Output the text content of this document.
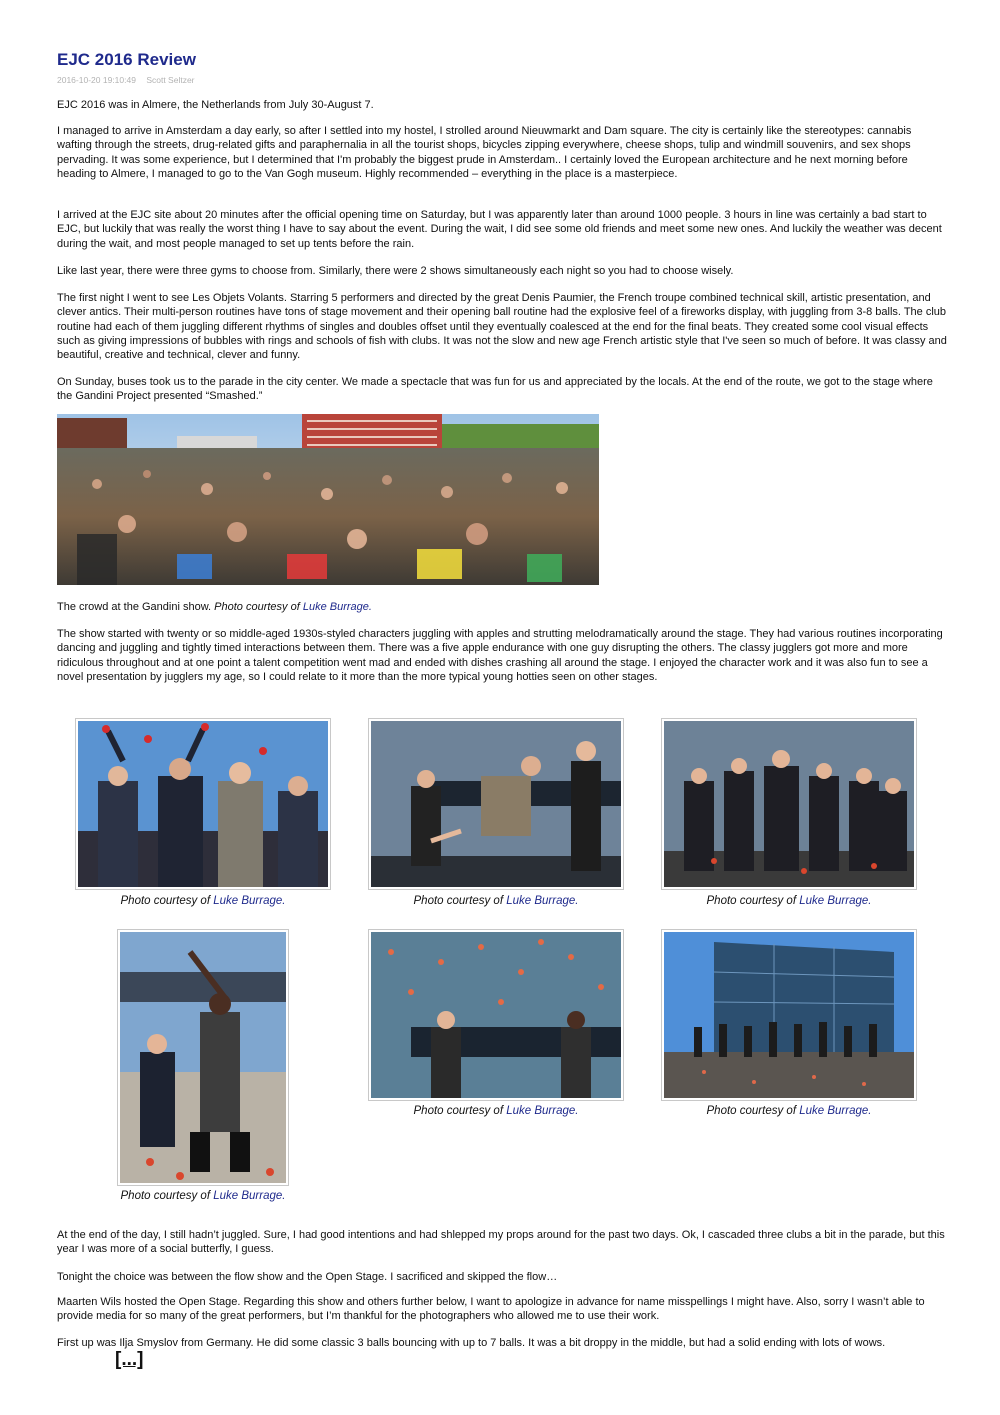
EJC 2016 Review
2016-10-20 19:10:49 Scott Seltzer

EJC 2016 was in Almere, the Netherlands from July 30-August 7.

I managed to arrive in Amsterdam a day early, so after I settled into my hostel, I strolled around Nieuwmarkt and Dam square. The city is certainly like the stereotypes: cannabis wafting through the streets, drug-related gifts and paraphernalia in all the tourist shops, bicycles zipping everywhere, cheese shops, tulip and windmill souvenirs, and sex shops pervading. It was some experience, but I determined that I'm probably the biggest prude in Amsterdam.. I certainly loved the European architecture and he next morning before heading to Almere, I managed to go to the Van Gogh museum. Highly recommended – everything in the place is a masterpiece.

I arrived at the EJC site about 20 minutes after the official opening time on Saturday, but I was apparently later than around 1000 people. 3 hours in line was certainly a bad start to EJC, but luckily that was really the worst thing I have to say about the event. During the wait, I did see some old friends and meet some new ones. And luckily the weather was decent during the wait, and most people managed to set up tents before the rain.

Like last year, there were three gyms to choose from. Similarly, there were 2 shows simultaneously each night so you had to choose wisely.

The first night I went to see Les Objets Volants. Starring 5 performers and directed by the great Denis Paumier, the French troupe combined technical skill, artistic presentation, and clever antics. Their multi-person routines have tons of stage movement and their opening ball routine had the explosive feel of a fireworks display, with juggling from 3-8 balls. The club routine had each of them juggling different rhythms of singles and doubles offset until they eventually coalesced at the end for the final beats. They created some cool visual effects such as giving impressions of bubbles with rings and schools of fish with clubs. It was not the slow and new age French artistic style that I've seen so much of before. It was classy and beautiful, creative and technical, clever and funny.

On Sunday, buses took us to the parade in the city center. We made a spectacle that was fun for us and appreciated by the locals. At the end of the route, we got to the stage where the Gandini Project presented “Smashed.”

The crowd at the Gandini show. Photo courtesy of Luke Burrage.

The show started with twenty or so middle-aged 1930s-styled characters juggling with apples and strutting melodramatically around the stage. They had various routines incorporating dancing and juggling and tightly timed interactions between them. There was a five apple endurance with one guy disrupting the others. The classy jugglers got more and more ridiculous throughout and at one point a talent competition went mad and ended with dishes crashing all around the stage. I enjoyed the character work and it was also fun to see a novel presentation by jugglers my age, so I could relate to it more than the more typical young hotties seen on other stages.

Photo courtesy of Luke Burrage.	Photo courtesy of Luke Burrage.	Photo courtesy of Luke Burrage.
Photo courtesy of Luke Burrage.
Photo courtesy of Luke Burrage.	Photo courtesy of Luke Burrage.

At the end of the day, I still hadn’t juggled. Sure, I had good intentions and had shlepped my props around for the past two days. Ok, I cascaded three clubs a bit in the parade, but this year I was more of a social butterfly, I guess.

Tonight the choice was between the flow show and the Open Stage. I sacrificed and skipped the flow…

Maarten Wils hosted the Open Stage. Regarding this show and others further below, I want to apologize in advance for name misspellings I might have. Also, sorry I wasn’t able to provide media for so many of the great performers, but I’m thankful for the photographers who allowed me to use their work.

First up was Ilja Smyslov from Germany. He did some classic 3 balls bouncing with up to 7 balls. It was a bit droppy in the middle, but had a solid ending with lots of wows.

[...]
